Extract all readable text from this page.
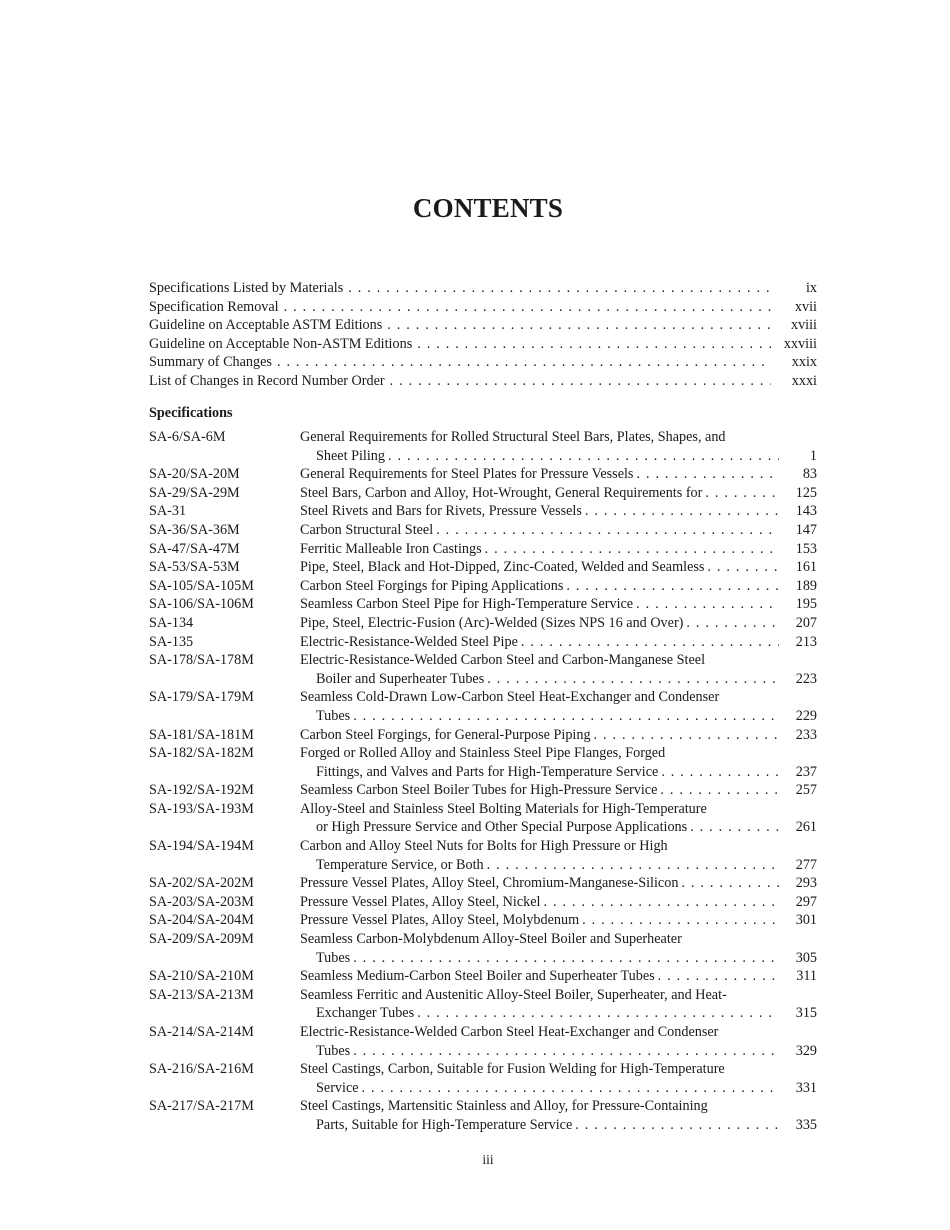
CONTENTS
Specifications Listed by Materials . . .	ix
Specification Removal . . .	xvii
Guideline on Acceptable ASTM Editions . . .	xviii
Guideline on Acceptable Non-ASTM Editions . . .	xxviii
Summary of Changes . . .	xxix
List of Changes in Record Number Order . . .	xxxi
Specifications
SA-6/SA-6M	General Requirements for Rolled Structural Steel Bars, Plates, Shapes, and
Sheet Piling . . .	1
SA-20/SA-20M	General Requirements for Steel Plates for Pressure Vessels . . .	83
SA-29/SA-29M	Steel Bars, Carbon and Alloy, Hot-Wrought, General Requirements for . . .	125
SA-31	Steel Rivets and Bars for Rivets, Pressure Vessels . . .	143
SA-36/SA-36M	Carbon Structural Steel . . .	147
SA-47/SA-47M	Ferritic Malleable Iron Castings . . .	153
SA-53/SA-53M	Pipe, Steel, Black and Hot-Dipped, Zinc-Coated, Welded and Seamless . . .	161
SA-105/SA-105M	Carbon Steel Forgings for Piping Applications . . .	189
SA-106/SA-106M	Seamless Carbon Steel Pipe for High-Temperature Service . . .	195
SA-134	Pipe, Steel, Electric-Fusion (Arc)-Welded (Sizes NPS 16 and Over) . . .	207
SA-135	Electric-Resistance-Welded Steel Pipe . . .	213
SA-178/SA-178M	Electric-Resistance-Welded Carbon Steel and Carbon-Manganese Steel
Boiler and Superheater Tubes . . .	223
SA-179/SA-179M	Seamless Cold-Drawn Low-Carbon Steel Heat-Exchanger and Condenser
Tubes . . .	229
SA-181/SA-181M	Carbon Steel Forgings, for General-Purpose Piping . . .	233
SA-182/SA-182M	Forged or Rolled Alloy and Stainless Steel Pipe Flanges, Forged
Fittings, and Valves and Parts for High-Temperature Service . . .	237
SA-192/SA-192M	Seamless Carbon Steel Boiler Tubes for High-Pressure Service . . .	257
SA-193/SA-193M	Alloy-Steel and Stainless Steel Bolting Materials for High-Temperature
or High Pressure Service and Other Special Purpose Applications . . .	261
SA-194/SA-194M	Carbon and Alloy Steel Nuts for Bolts for High Pressure or High
Temperature Service, or Both . . .	277
SA-202/SA-202M	Pressure Vessel Plates, Alloy Steel, Chromium-Manganese-Silicon . . .	293
SA-203/SA-203M	Pressure Vessel Plates, Alloy Steel, Nickel . . .	297
SA-204/SA-204M	Pressure Vessel Plates, Alloy Steel, Molybdenum . . .	301
SA-209/SA-209M	Seamless Carbon-Molybdenum Alloy-Steel Boiler and Superheater
Tubes . . .	305
SA-210/SA-210M	Seamless Medium-Carbon Steel Boiler and Superheater Tubes . . .	311
SA-213/SA-213M	Seamless Ferritic and Austenitic Alloy-Steel Boiler, Superheater, and Heat-
Exchanger Tubes . . .	315
SA-214/SA-214M	Electric-Resistance-Welded Carbon Steel Heat-Exchanger and Condenser
Tubes . . .	329
SA-216/SA-216M	Steel Castings, Carbon, Suitable for Fusion Welding for High-Temperature
Service . . .	331
SA-217/SA-217M	Steel Castings, Martensitic Stainless and Alloy, for Pressure-Containing
Parts, Suitable for High-Temperature Service . . .	335
iii
